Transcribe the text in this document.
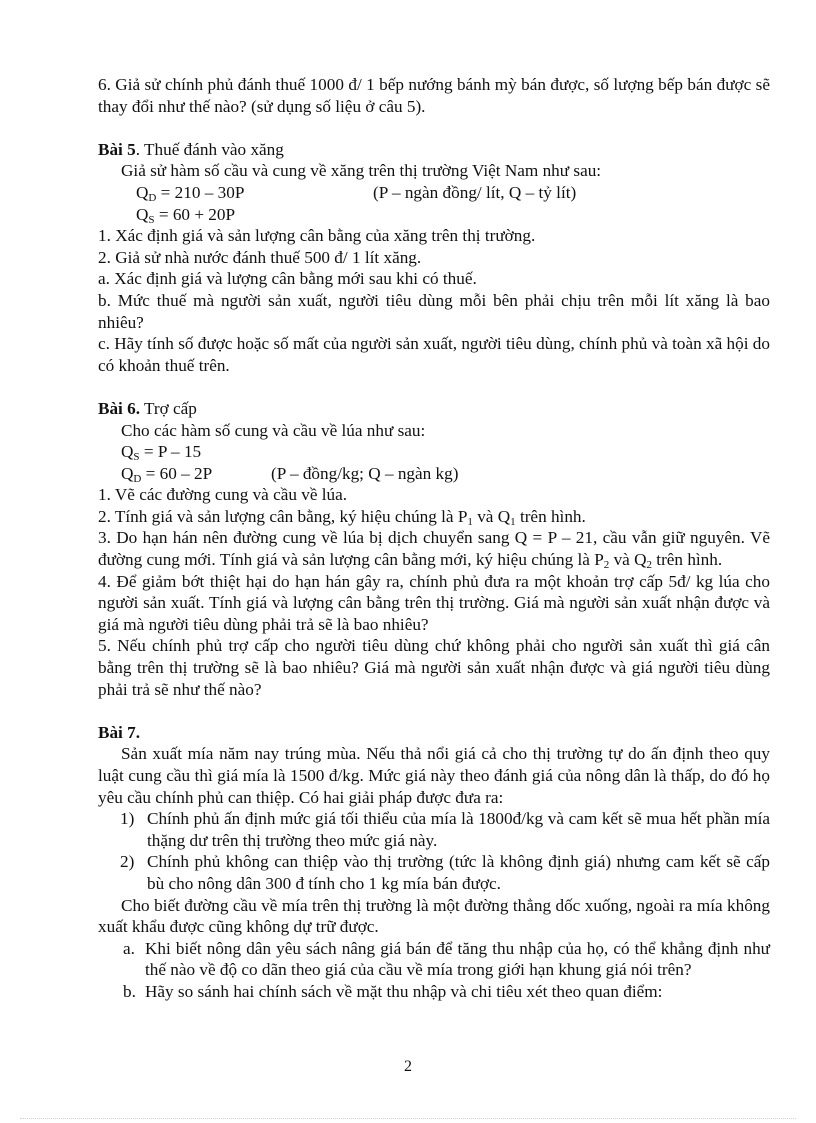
6. Giả sử chính phủ đánh thuế 1000 đ/ 1 bếp nướng bánh mỳ bán được, số lượng bếp bán được sẽ thay đổi như thế nào? (sử dụng số liệu ở câu 5).

Bài 5. Thuế đánh vào xăng

Giả sử hàm số cầu và cung về xăng trên thị trường Việt Nam như sau:

$Q_D = 210 - 30P$	(P – ngàn đồng/ lít, Q – tỷ lít)
$Q_S = 60 + 20P$

1. Xác định giá và sản lượng cân bằng của xăng trên thị trường.

2. Giả sử nhà nước đánh thuế 500 đ/ 1 lít xăng.

a. Xác định giá và lượng cân bằng mới sau khi có thuế.

b. Mức thuế mà người sản xuất, người tiêu dùng mỗi bên phải chịu trên mỗi lít xăng là bao nhiêu?

c. Hãy tính số được hoặc số mất của người sản xuất, người tiêu dùng, chính phủ và toàn xã hội do có khoản thuế trên.

Bài 6. Trợ cấp

Cho các hàm số cung và cầu về lúa như sau:

$Q_S = P - 15$
$Q_D = 60 - 2P$	(P – đồng/kg; Q – ngàn kg)

1. Vẽ các đường cung và cầu về lúa.

2. Tính giá và sản lượng cân bằng, ký hiệu chúng là $P_1$ và $Q_1$ trên hình.

3. Do hạn hán nên đường cung về lúa bị dịch chuyển sang Q = P – 21, cầu vẫn giữ nguyên. Vẽ đường cung mới. Tính giá và sản lượng cân bằng mới, ký hiệu chúng là $P_2$ và $Q_2$ trên hình.

4. Để giảm bớt thiệt hại do hạn hán gây ra, chính phủ đưa ra một khoản trợ cấp 5đ/ kg lúa cho người sản xuất. Tính giá và lượng cân bằng trên thị trường. Giá mà người sản xuất nhận được và giá mà người tiêu dùng phải trả sẽ là bao nhiêu?

5. Nếu chính phủ trợ cấp cho người tiêu dùng chứ không phải cho người sản xuất thì giá cân bằng trên thị trường sẽ là bao nhiêu? Giá mà người sản xuất nhận được và giá người tiêu dùng phải trả sẽ như thế nào?

Bài 7.

Sản xuất mía năm nay trúng mùa. Nếu thả nổi giá cả cho thị trường tự do ấn định theo quy luật cung cầu thì giá mía là 1500 đ/kg. Mức giá này theo đánh giá của nông dân là thấp, do đó họ yêu cầu chính phủ can thiệp. Có hai giải pháp được đưa ra:

1) Chính phủ ấn định mức giá tối thiểu của mía là 1800đ/kg và cam kết sẽ mua hết phần mía thặng dư trên thị trường theo mức giá này.
2) Chính phủ không can thiệp vào thị trường (tức là không định giá) nhưng cam kết sẽ cấp bù cho nông dân 300 đ tính cho 1 kg mía bán được.

Cho biết đường cầu về mía trên thị trường là một đường thẳng dốc xuống, ngoài ra mía không xuất khẩu được cũng không dự trữ được.

a. Khi biết nông dân yêu sách nâng giá bán để tăng thu nhập của họ, có thể khẳng định như thế nào về độ co dãn theo giá của cầu về mía trong giới hạn khung giá nói trên?
b. Hãy so sánh hai chính sách về mặt thu nhập và chi tiêu xét theo quan điểm:
2
